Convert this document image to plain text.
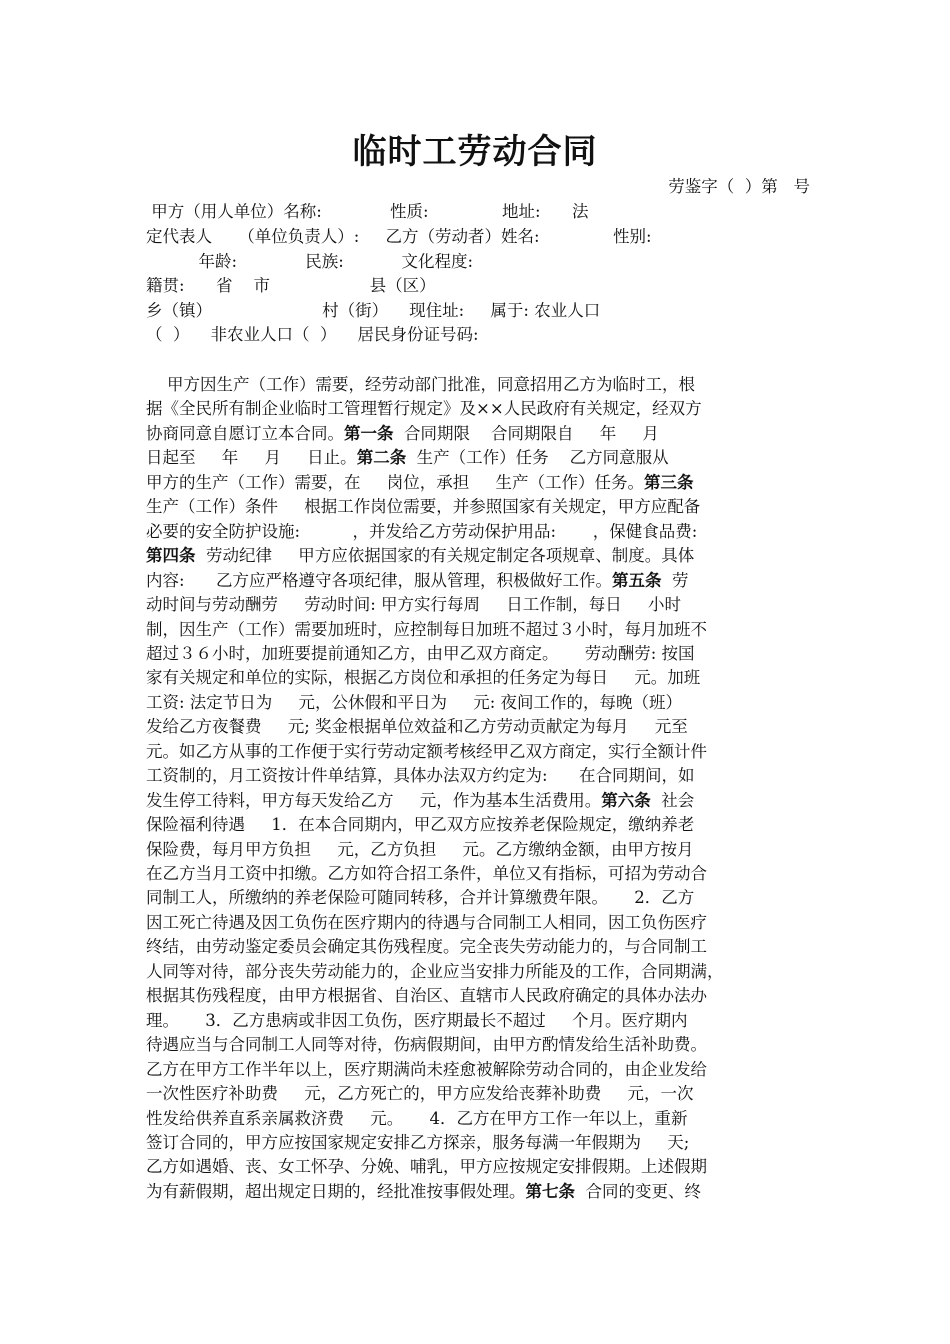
临时工劳动合同
劳鉴字（  ）第   号
甲方（用人单位）名称:             性质:              地址:      法
定代表人     （单位负责人）:     乙方（劳动者）姓名:              性别:
年龄:             民族:           文化程度:
籍贯:      省    市                   县（区）
乡（镇）                     村（街）    现住址:     属于: 农业人口
（  ）    非农业人口（  ）    居民身份证号码:
甲方因生产（工作）需要，经劳动部门批准，同意招用乙方为临时工，根
据《全民所有制企业临时工管理暂行规定》及××人民政府有关规定，经双方
协商同意自愿订立本合同。第一条  合同期限    合同期限自     年     月
日起至     年     月     日止。第二条  生产（工作）任务    乙方同意服从
甲方的生产（工作）需要，在     岗位，承担     生产（工作）任务。第三条
生产（工作）条件     根据工作岗位需要，并参照国家有关规定，甲方应配备
必要的安全防护设施:          ，并发给乙方劳动保护用品:       ，保健食品费:
第四条  劳动纪律     甲方应依据国家的有关规定制定各项规章、制度。具体
内容:      乙方应严格遵守各项纪律，服从管理，积极做好工作。第五条  劳
动时间与劳动酬劳     劳动时间: 甲方实行每周     日工作制，每日     小时
制，因生产（工作）需要加班时，应控制每日加班不超过３小时，每月加班不
超过３６小时，加班要提前通知乙方，由甲乙双方商定。     劳动酬劳: 按国
家有关规定和单位的实际，根据乙方岗位和承担的任务定为每日     元。加班
工资: 法定节日为     元，公休假和平日为     元: 夜间工作的，每晚（班）
发给乙方夜餐费     元; 奖金根据单位效益和乙方劳动贡献定为每月     元至
元。如乙方从事的工作便于实行劳动定额考核经甲乙双方商定，实行全额计件
工资制的，月工资按计件单结算，具体办法双方约定为:      在合同期间，如
发生停工待料，甲方每天发给乙方     元，作为基本生活费用。第六条  社会
保险福利待遇     1．在本合同期内，甲乙双方应按养老保险规定，缴纳养老
保险费，每月甲方负担     元，乙方负担     元。乙方缴纳金额，由甲方按月
在乙方当月工资中扣缴。乙方如符合招工条件，单位又有指标，可招为劳动合
同制工人，所缴纳的养老保险可随同转移，合并计算缴费年限。     2．乙方
因工死亡待遇及因工负伤在医疗期内的待遇与合同制工人相同，因工负伤医疗
终结，由劳动鉴定委员会确定其伤残程度。完全丧失劳动能力的，与合同制工
人同等对待，部分丧失劳动能力的，企业应当安排力所能及的工作，合同期满，
根据其伤残程度，由甲方根据省、自治区、直辖市人民政府确定的具体办法办
理。     3．乙方患病或非因工负伤，医疗期最长不超过     个月。医疗期内
待遇应当与合同制工人同等对待，伤病假期间，由甲方酌情发给生活补助费。
乙方在甲方工作半年以上，医疗期满尚未痊愈被解除劳动合同的，由企业发给
一次性医疗补助费     元，乙方死亡的，甲方应发给丧葬补助费     元，一次
性发给供养直系亲属救济费     元。     4．乙方在甲方工作一年以上，重新
签订合同的，甲方应按国家规定安排乙方探亲，服务每满一年假期为     天;
乙方如遇婚、丧、女工怀孕、分娩、哺乳，甲方应按规定安排假期。上述假期
为有薪假期，超出规定日期的，经批准按事假处理。第七条  合同的变更、终
